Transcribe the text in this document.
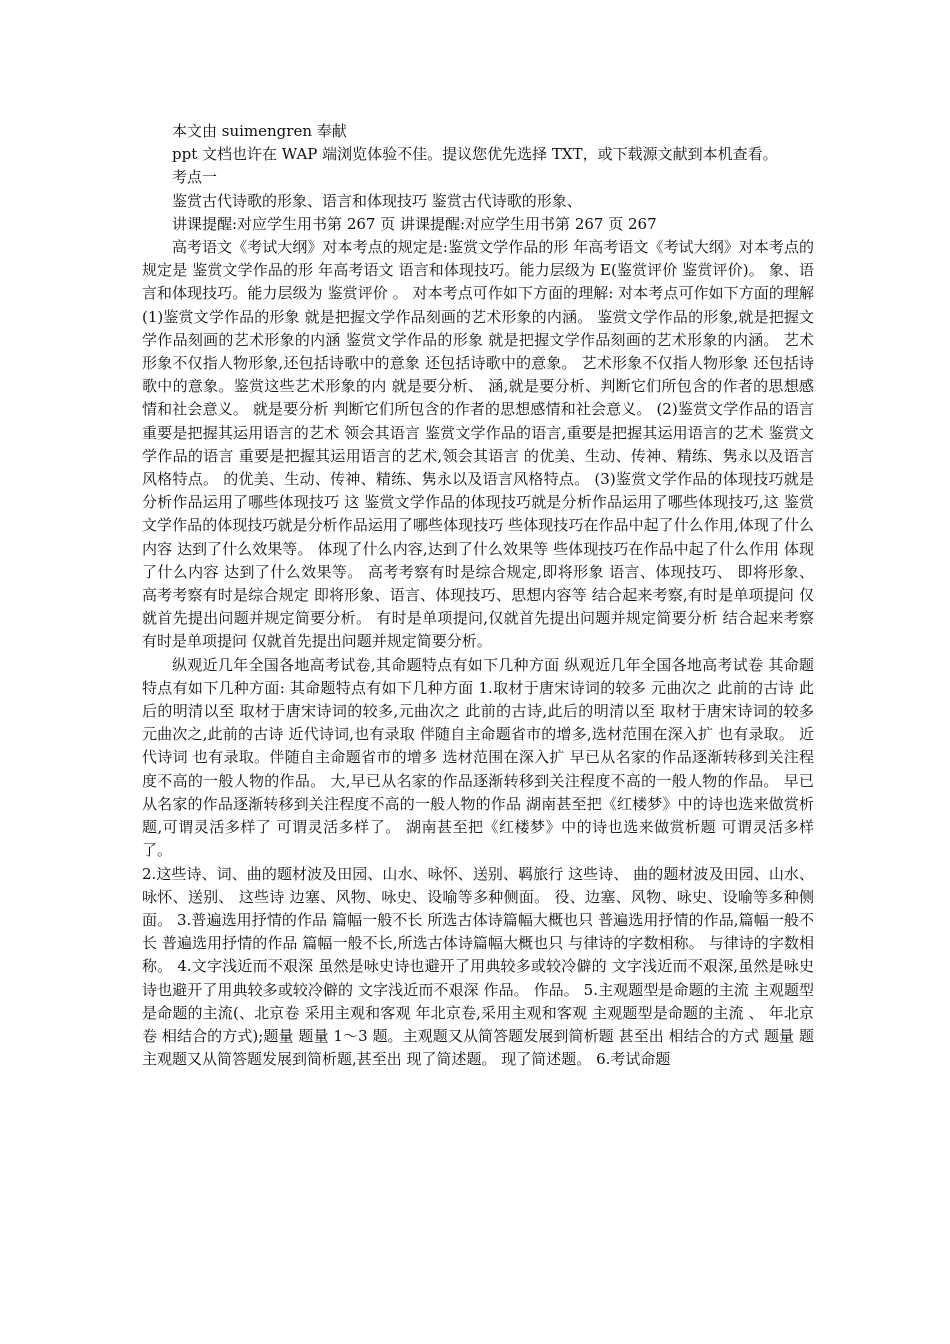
本文由 suimengren 奉献

ppt 文档也许在 WAP 端浏览体验不佳。提议您优先选择 TXT，或下载源文献到本机查看。

考点一

鉴赏古代诗歌的形象、语言和体现技巧 鉴赏古代诗歌的形象、

讲课提醒:对应学生用书第 267 页 讲课提醒:对应学生用书第 267 页 267

高考语文《考试大纲》对本考点的规定是:鉴赏文学作品的形 年高考语文《考试大纲》对本考点的规定是 鉴赏文学作品的形 年高考语文 语言和体现技巧。能力层级为 E(鉴赏评价 鉴赏评价)。 象、语言和体现技巧。能力层级为 鉴赏评价 。 对本考点可作如下方面的理解: 对本考点可作如下方面的理解 (1)鉴赏文学作品的形象 就是把握文学作品刻画的艺术形象的内涵。 鉴赏文学作品的形象,就是把握文学作品刻画的艺术形象的内涵 鉴赏文学作品的形象 就是把握文学作品刻画的艺术形象的内涵。 艺术形象不仅指人物形象,还包括诗歌中的意象 还包括诗歌中的意象。 艺术形象不仅指人物形象 还包括诗歌中的意象。鉴赏这些艺术形象的内 就是要分析、 涵,就是要分析、判断它们所包含的作者的思想感情和社会意义。 就是要分析 判断它们所包含的作者的思想感情和社会意义。 (2)鉴赏文学作品的语言 重要是把握其运用语言的艺术 领会其语言 鉴赏文学作品的语言,重要是把握其运用语言的艺术 鉴赏文学作品的语言 重要是把握其运用语言的艺术,领会其语言 的优美、生动、传神、精练、隽永以及语言风格特点。 的优美、生动、传神、精练、隽永以及语言风格特点。 (3)鉴赏文学作品的体现技巧就是分析作品运用了哪些体现技巧 这 鉴赏文学作品的体现技巧就是分析作品运用了哪些体现技巧,这 鉴赏文学作品的体现技巧就是分析作品运用了哪些体现技巧 些体现技巧在作品中起了什么作用,体现了什么内容 达到了什么效果等。 体现了什么内容,达到了什么效果等 些体现技巧在作品中起了什么作用 体现了什么内容 达到了什么效果等。 高考考察有时是综合规定,即将形象 语言、体现技巧、 即将形象、 高考考察有时是综合规定 即将形象、语言、体现技巧、思想内容等 结合起来考察,有时是单项提问 仅就首先提出问题并规定简要分析。 有时是单项提问,仅就首先提出问题并规定简要分析 结合起来考察 有时是单项提问 仅就首先提出问题并规定简要分析。

纵观近几年全国各地高考试卷,其命题特点有如下几种方面 纵观近几年全国各地高考试卷 其命题特点有如下几种方面: 其命题特点有如下几种方面 1.取材于唐宋诗词的较多 元曲次之 此前的古诗 此后的明清以至 取材于唐宋诗词的较多,元曲次之 此前的古诗,此后的明清以至 取材于唐宋诗词的较多 元曲次之,此前的古诗 近代诗词,也有录取 伴随自主命题省市的增多,选材范围在深入扩 也有录取。 近代诗词 也有录取。伴随自主命题省市的增多 选材范围在深入扩 早已从名家的作品逐渐转移到关注程度不高的一般人物的作品。 大,早已从名家的作品逐渐转移到关注程度不高的一般人物的作品。 早已从名家的作品逐渐转移到关注程度不高的一般人物的作品 湖南甚至把《红楼梦》中的诗也选来做赏析题,可谓灵活多样了 可谓灵活多样了。 湖南甚至把《红楼梦》中的诗也选来做赏析题 可谓灵活多样了。

2.这些诗、词、曲的题材波及田园、山水、咏怀、送别、羁旅行 这些诗、 曲的题材波及田园、山水、咏怀、送别、 这些诗 边塞、风物、咏史、设喻等多种侧面。 役、边塞、风物、咏史、设喻等多种侧面。 3.普遍选用抒情的作品 篇幅一般不长 所选古体诗篇幅大概也只 普遍选用抒情的作品,篇幅一般不长 普遍选用抒情的作品 篇幅一般不长,所选古体诗篇幅大概也只 与律诗的字数相称。 与律诗的字数相称。 4.文字浅近而不艰深 虽然是咏史诗也避开了用典较多或较冷僻的 文字浅近而不艰深,虽然是咏史诗也避开了用典较多或较冷僻的 文字浅近而不艰深 作品。 作品。 5.主观题型是命题的主流 主观题型是命题的主流(、北京卷 采用主观和客观 年北京卷,采用主观和客观 主观题型是命题的主流 、 年北京卷 相结合的方式);题量 题量 1～3 题。主观题又从简答题发展到简析题 甚至出 相结合的方式 题量 题 主观题又从简答题发展到简析题,甚至出 现了简述题。 现了简述题。 6.考试命题
